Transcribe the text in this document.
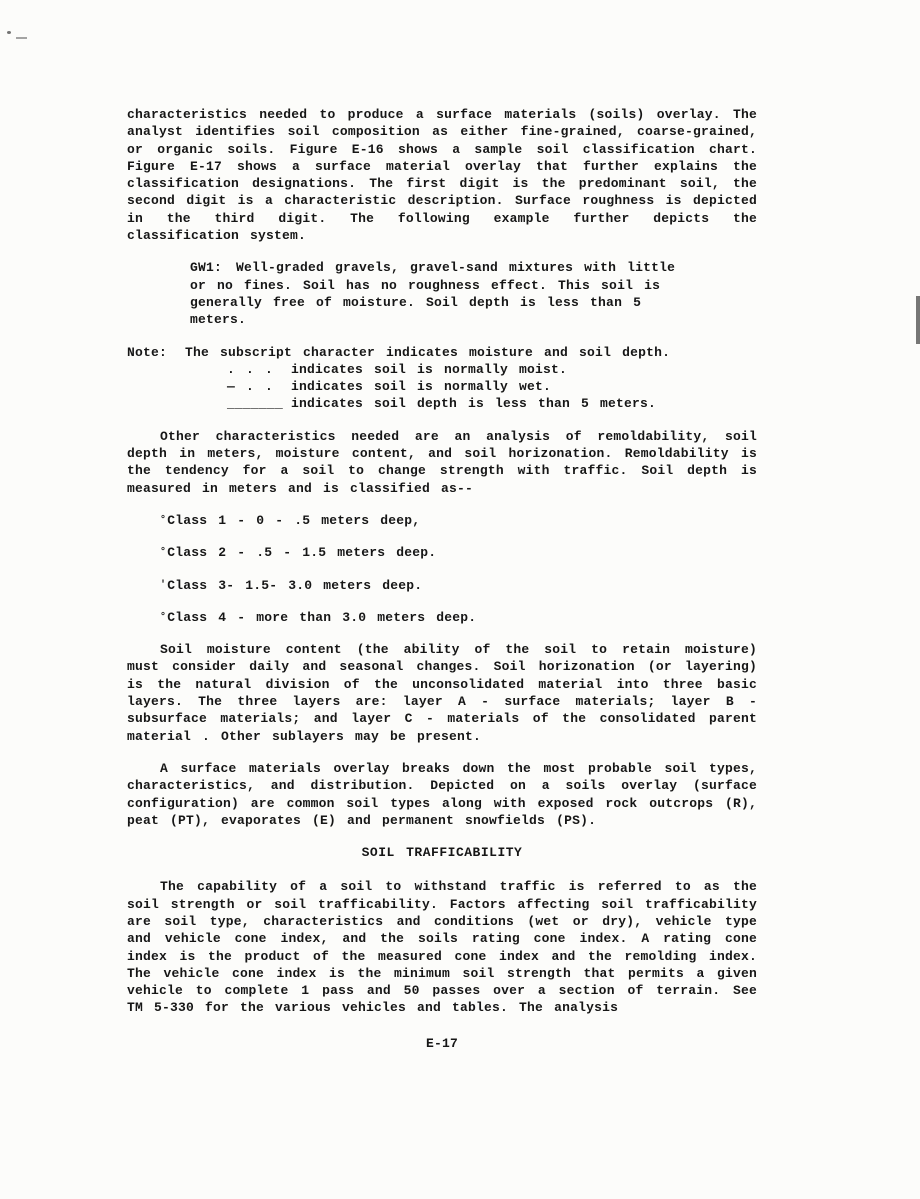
characteristics needed to produce a surface materials (soils) overlay. The analyst identifies soil composition as either fine-grained, coarse-grained, or organic soils. Figure E-16 shows a sample soil classification chart. Figure E-17 shows a surface material overlay that further explains the classification designations. The first digit is the predominant soil, the second digit is a characteristic description. Surface roughness is depicted in the third digit. The following example further depicts the classification system.

GW1: Well-graded gravels, gravel-sand mixtures with little or no fines. Soil has no roughness effect. This soil is generally free of moisture. Soil depth is less than 5 meters.
Note: The subscript character indicates moisture and soil depth.
. . . indicates soil is normally moist.
— . . indicates soil is normally wet.
_______ indicates soil depth is less than 5 meters.

Other characteristics needed are an analysis of remoldability, soil depth in meters, moisture content, and soil horizonation. Remoldability is the tendency for a soil to change strength with traffic. Soil depth is measured in meters and is classified as--

°Class 1 - 0 - .5 meters deep,
°Class 2 - .5 - 1.5 meters deep.
'Class 3- 1.5- 3.0 meters deep.
°Class 4 - more than 3.0 meters deep.

Soil moisture content (the ability of the soil to retain moisture) must consider daily and seasonal changes. Soil horizonation (or layering) is the natural division of the unconsolidated material into three basic layers. The three layers are: layer A - surface materials; layer B - subsurface materials; and layer C - materials of the consolidated parent material . Other sublayers may be present.

A surface materials overlay breaks down the most probable soil types, characteristics, and distribution. Depicted on a soils overlay (surface configuration) are common soil types along with exposed rock outcrops (R), peat (PT), evaporates (E) and permanent snowfields (PS).

SOIL TRAFFICABILITY

The capability of a soil to withstand traffic is referred to as the soil strength or soil trafficability. Factors affecting soil trafficability are soil type, characteristics and conditions (wet or dry), vehicle type and vehicle cone index, and the soils rating cone index. A rating cone index is the product of the measured cone index and the remolding index. The vehicle cone index is the minimum soil strength that permits a given vehicle to complete 1 pass and 50 passes over a section of terrain. See TM 5-330 for the various vehicles and tables. The analysis

E-17
